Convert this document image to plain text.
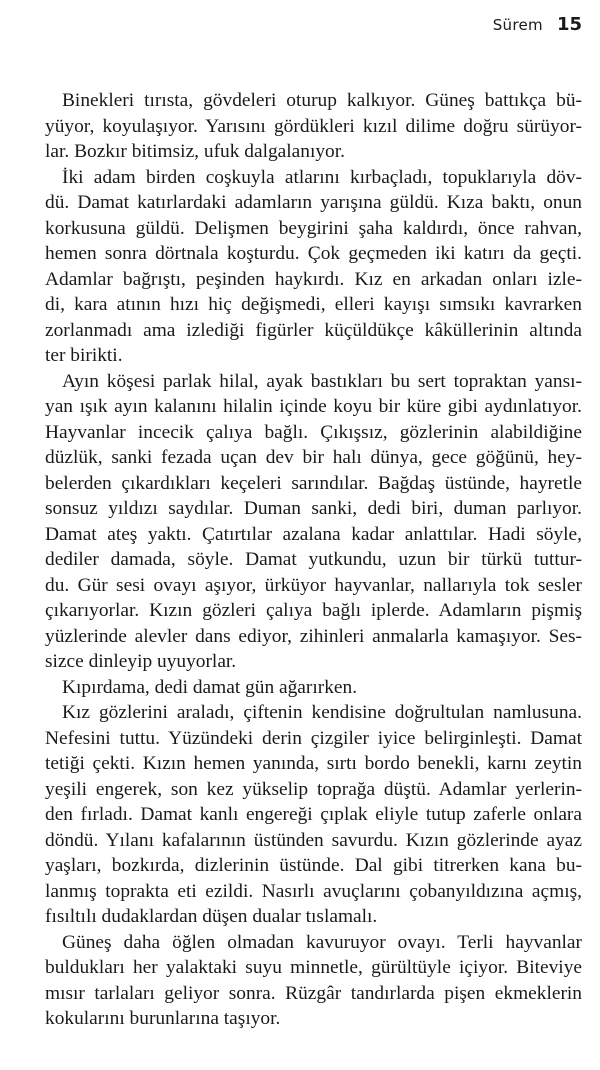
Sürem 15
Binekleri tırısta, gövdeleri oturup kalkıyor. Güneş battıkça bü-
yüyor, koyulaşıyor. Yarısını gördükleri kızıl dilime doğru sürüyor-
lar. Bozkır bitimsiz, ufuk dalgalanıyor.
İki adam birden coşkuyla atlarını kırbaçladı, topuklarıyla döv-
dü. Damat katırlardaki adamların yarışına güldü. Kıza baktı, onun
korkusuna güldü. Delişmen beygirini şaha kaldırdı, önce rahvan,
hemen sonra dörtnala koşturdu. Çok geçmeden iki katırı da geçti.
Adamlar bağrıştı, peşinden haykırdı. Kız en arkadan onları izle-
di, kara atının hızı hiç değişmedi, elleri kayışı sımsıkı kavrarken
zorlanmadı ama izlediği figürler küçüldükçe kâküllerinin altında
ter birikti.
Ayın köşesi parlak hilal, ayak bastıkları bu sert topraktan yansı-
yan ışık ayın kalanını hilalin içinde koyu bir küre gibi aydınlatıyor.
Hayvanlar incecik çalıya bağlı. Çıkışsız, gözlerinin alabildiğine
düzlük, sanki fezada uçan dev bir halı dünya, gece göğünü, hey-
belerden çıkardıkları keçeleri sarındılar. Bağdaş üstünde, hayretle
sonsuz yıldızı saydılar. Duman sanki, dedi biri, duman parlıyor.
Damat ateş yaktı. Çatırtılar azalana kadar anlattılar. Hadi söyle,
dediler damada, söyle. Damat yutkundu, uzun bir türkü tuttur-
du. Gür sesi ovayı aşıyor, ürküyor hayvanlar, nallarıyla tok sesler
çıkarıyorlar. Kızın gözleri çalıya bağlı iplerde. Adamların pişmiş
yüzlerinde alevler dans ediyor, zihinleri anmalarla kamaşıyor. Ses-
sizce dinleyip uyuyorlar.
Kıpırdama, dedi damat gün ağarırken.
Kız gözlerini araladı, çiftenin kendisine doğrultulan namlusuna.
Nefesini tuttu. Yüzündeki derin çizgiler iyice belirginleşti. Damat
tetiği çekti. Kızın hemen yanında, sırtı bordo benekli, karnı zeytin
yeşili engerek, son kez yükselip toprağa düştü. Adamlar yerlerin-
den fırladı. Damat kanlı engereği çıplak eliyle tutup zaferle onlara
döndü. Yılanı kafalarının üstünden savurdu. Kızın gözlerinde ayaz
yaşları, bozkırda, dizlerinin üstünde. Dal gibi titrerken kana bu-
lanmış toprakta eti ezildi. Nasırlı avuçlarını çobanyıldızına açmış,
fısıltılı dudaklardan düşen dualar tıslamalı.
Güneş daha öğlen olmadan kavuruyor ovayı. Terli hayvanlar
buldukları her yalaktaki suyu minnetle, gürültüyle içiyor. Biteviye
mısır tarlaları geliyor sonra. Rüzgâr tandırlarda pişen ekmeklerin
kokularını burunlarına taşıyor.
